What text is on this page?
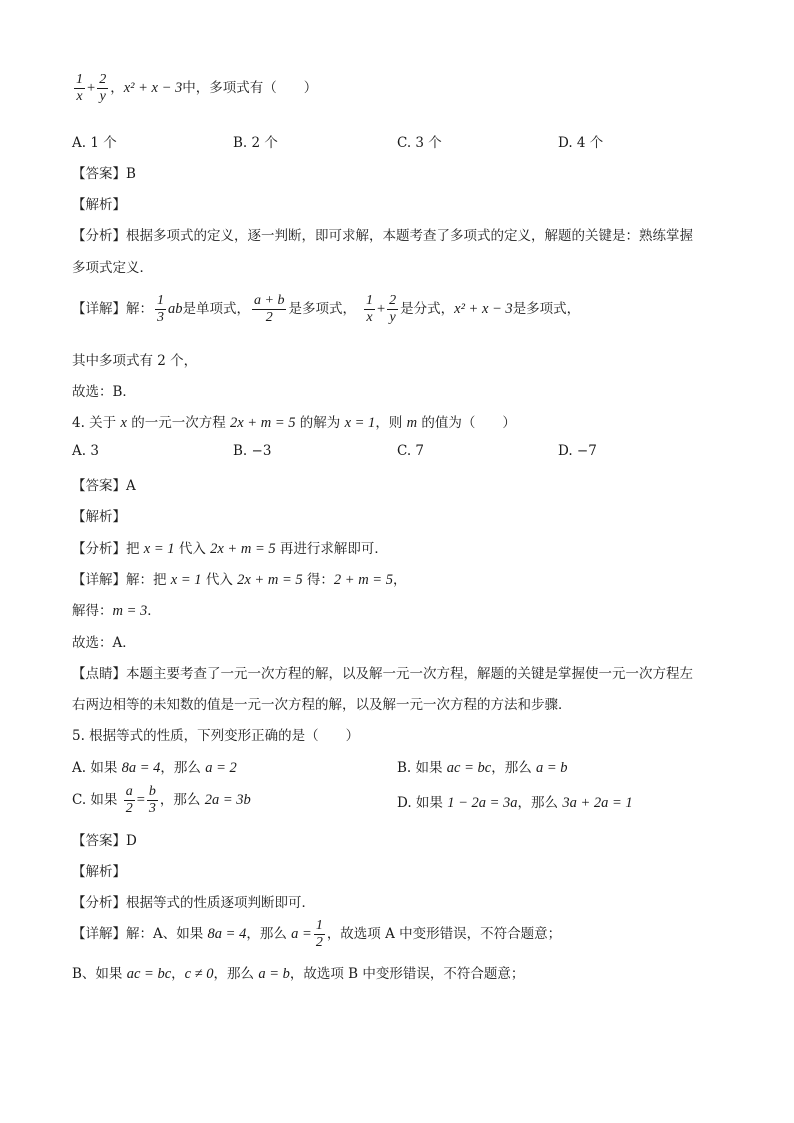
$\frac{1}{x} + \frac{2}{y}$ ，x² + x − 3中，多项式有（　　）
A. 1 个	B. 2 个	C. 3 个	D. 4 个
【答案】B
【解析】
【分析】根据多项式的定义，逐一判断，即可求解，本题考查了多项式的定义，解题的关键是：熟练掌握
多项式定义．
【详解】解： $\frac{1}{3}$ ab是单项式， $\frac{a + b}{2}$ 是多项式， $\frac{1}{x} + \frac{2}{y}$ 是分式，x² + x − 3是多项式，
其中多项式有 2 个，
故选：B．
4. 关于 x 的一元一次方程 2x + m = 5 的解为 x = 1，则 m 的值为（　　）
A. 3	B. −3	C. 7	D. −7
【答案】A
【解析】
【分析】把 x = 1 代入 2x + m = 5 再进行求解即可．
【详解】解：把 x = 1 代入 2x + m = 5 得：2 + m = 5，
解得：m = 3．
故选：A．
【点睛】本题主要考查了一元一次方程的解，以及解一元一次方程，解题的关键是掌握使一元一次方程左
右两边相等的未知数的值是一元一次方程的解，以及解一元一次方程的方法和步骤．
5. 根据等式的性质，下列变形正确的是（　　）
A. 如果 8a = 4，那么 a = 2	B. 如果 ac = bc，那么 a = b
C. 如果 $\frac{a}{2} = \frac{b}{3}$ ，那么 2a = 3b	D. 如果 1 − 2a = 3a，那么 3a + 2a = 1
【答案】D
【解析】
【分析】根据等式的性质逐项判断即可．
【详解】解：A、如果 8a = 4，那么 $a = \frac{1}{2}$ ，故选项 A 中变形错误，不符合题意；
B、如果 ac = bc，c ≠ 0，那么 a = b，故选项 B 中变形错误，不符合题意；
